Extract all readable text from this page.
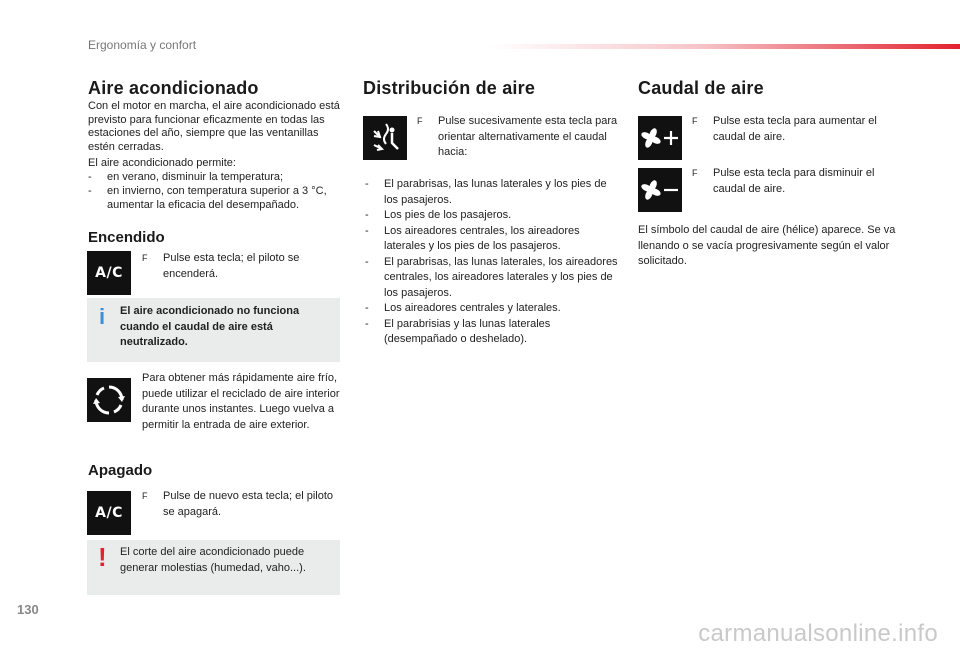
Ergonomía y confort
Aire acondicionado
Con el motor en marcha, el aire acondicionado está previsto para funcionar eficazmente en todas las estaciones del año, siempre que las ventanillas estén cerradas.
El aire acondicionado permite:
-	en verano, disminuir la temperatura;
-	en invierno, con temperatura superior a 3 °C, aumentar la eficacia del desempañado.
Encendido
A/C
F	Pulse esta tecla; el piloto se encenderá.
i El aire acondicionado no funciona cuando el caudal de aire está neutralizado.
Para obtener más rápidamente aire frío, puede utilizar el reciclado de aire interior durante unos instantes. Luego vuelva a permitir la entrada de aire exterior.
Apagado
A/C
F	Pulse de nuevo esta tecla; el piloto se apagará.
! El corte del aire acondicionado puede generar molestias (humedad, vaho...).
Distribución de aire
F	Pulse sucesivamente esta tecla para orientar alternativamente el caudal hacia:
- El parabrisas, las lunas laterales y los pies de los pasajeros.
- Los pies de los pasajeros.
- Los aireadores centrales, los aireadores laterales y los pies de los pasajeros.
- El parabrisas, las lunas laterales, los aireadores centrales, los aireadores laterales y los pies de los pasajeros.
- Los aireadores centrales y laterales.
- El parabrisias y las lunas laterales (desempañado o deshelado).
Caudal de aire
F	Pulse esta tecla para aumentar el caudal de aire.
F	Pulse esta tecla para disminuir el caudal de aire.
El símbolo del caudal de aire (hélice) aparece. Se va llenando o se vacía progresivamente según el valor solicitado.
130
carmanualsonline.info
